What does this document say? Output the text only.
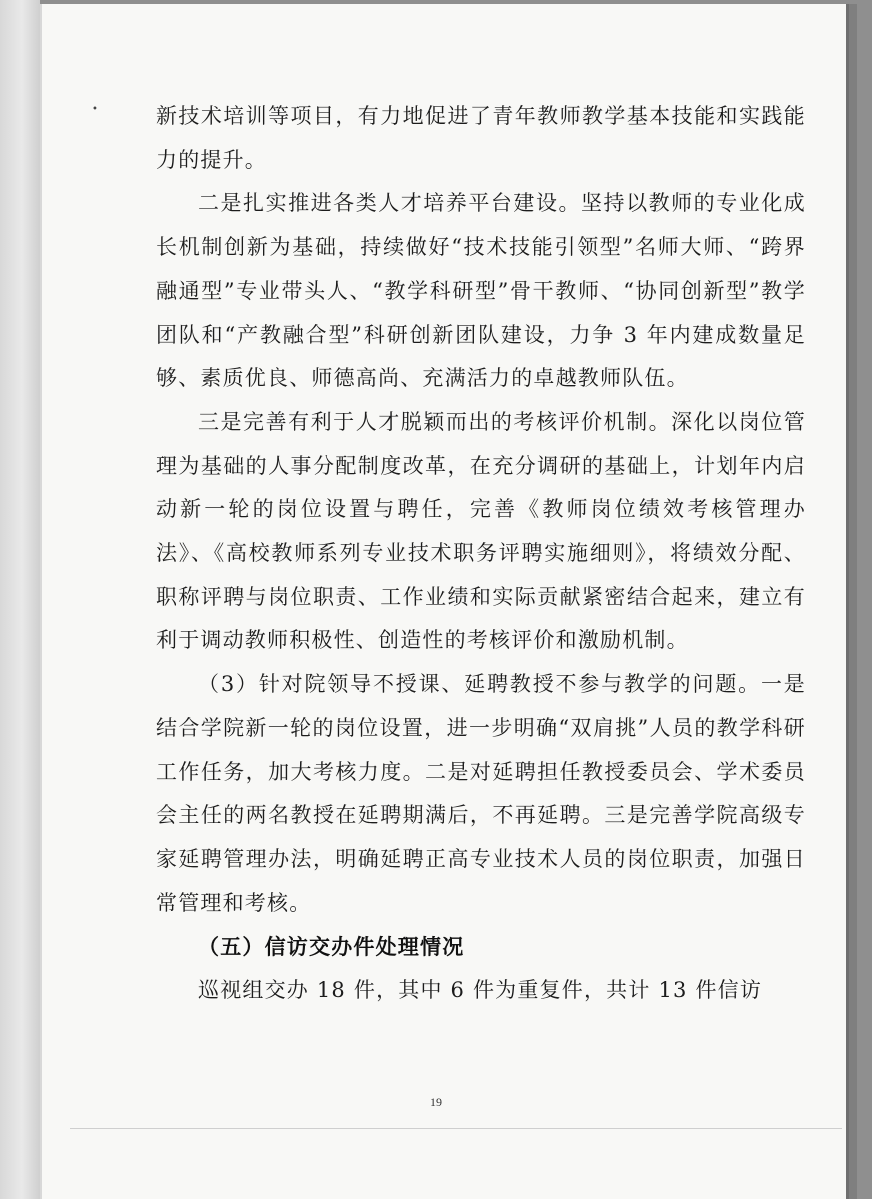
•	新技术培训等项目，有力地促进了青年教师教学基本技能和实践能力的提升。

二是扎实推进各类人才培养平台建设。坚持以教师的专业化成长机制创新为基础，持续做好“技术技能引领型”名师大师、“跨界融通型”专业带头人、“教学科研型”骨干教师、“协同创新型”教学团队和“产教融合型”科研创新团队建设，力争 3 年内建成数量足够、素质优良、师德高尚、充满活力的卓越教师队伍。

三是完善有利于人才脱颖而出的考核评价机制。深化以岗位管理为基础的人事分配制度改革，在充分调研的基础上，计划年内启动新一轮的岗位设置与聘任，完善《教师岗位绩效考核管理办法》、《高校教师系列专业技术职务评聘实施细则》，将绩效分配、职称评聘与岗位职责、工作业绩和实际贡献紧密结合起来，建立有利于调动教师积极性、创造性的考核评价和激励机制。

（3）针对院领导不授课、延聘教授不参与教学的问题。一是结合学院新一轮的岗位设置，进一步明确“双肩挑”人员的教学科研工作任务，加大考核力度。二是对延聘担任教授委员会、学术委员会主任的两名教授在延聘期满后，不再延聘。三是完善学院高级专家延聘管理办法，明确延聘正高专业技术人员的岗位职责，加强日常管理和考核。

（五）信访交办件处理情况

巡视组交办 18 件，其中 6 件为重复件，共计 13 件信访

19
